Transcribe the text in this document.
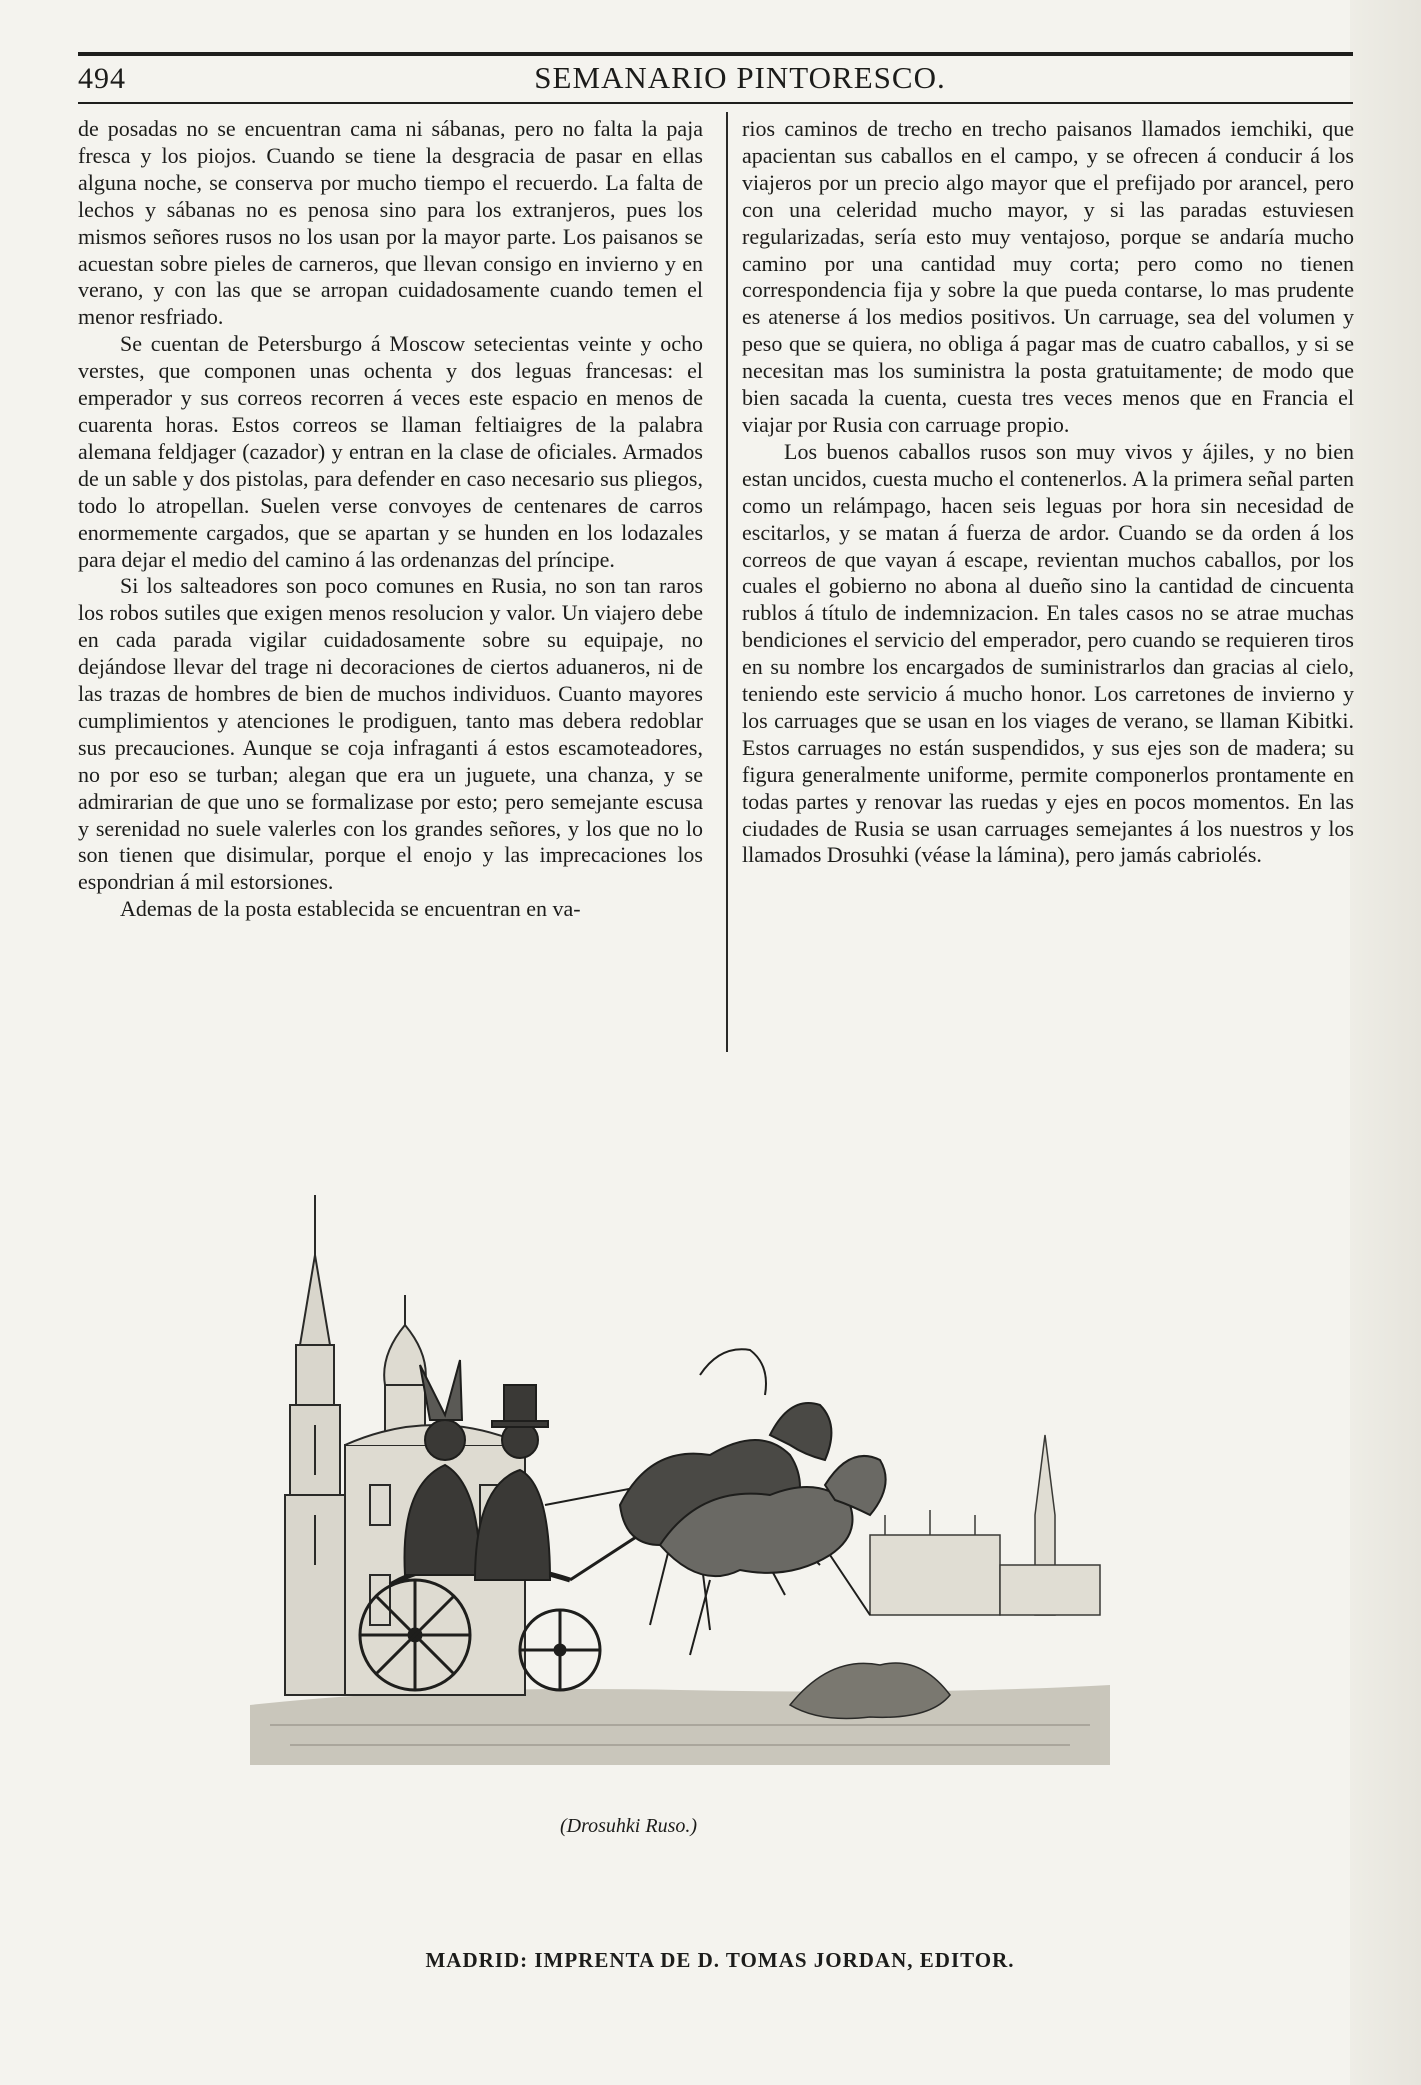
494	SEMANARIO PINTORESCO.

de posadas no se encuentran cama ni sábanas, pero no falta la paja fresca y los piojos. Cuando se tiene la desgracia de pasar en ellas alguna noche, se conserva por mucho tiempo el recuerdo. La falta de lechos y sábanas no es penosa sino para los extranjeros, pues los mismos señores rusos no los usan por la mayor parte. Los paisanos se acuestan sobre pieles de carneros, que llevan consigo en invierno y en verano, y con las que se arropan cuidadosamente cuando temen el menor resfriado.

Se cuentan de Petersburgo á Moscow setecientas veinte y ocho verstes, que componen unas ochenta y dos leguas francesas: el emperador y sus correos recorren á veces este espacio en menos de cuarenta horas. Estos correos se llaman feltiaigres de la palabra alemana feldjager (cazador) y entran en la clase de oficiales. Armados de un sable y dos pistolas, para defender en caso necesario sus pliegos, todo lo atropellan. Suelen verse convoyes de centenares de carros enormemente cargados, que se apartan y se hunden en los lodazales para dejar el medio del camino á las ordenanzas del príncipe.

Si los salteadores son poco comunes en Rusia, no son tan raros los robos sutiles que exigen menos resolucion y valor. Un viajero debe en cada parada vigilar cuidadosamente sobre su equipaje, no dejándose llevar del trage ni decoraciones de ciertos aduaneros, ni de las trazas de hombres de bien de muchos individuos. Cuanto mayores cumplimientos y atenciones le prodiguen, tanto mas debera redoblar sus precauciones. Aunque se coja infraganti á estos escamoteadores, no por eso se turban; alegan que era un juguete, una chanza, y se admirarian de que uno se formalizase por esto; pero semejante escusa y serenidad no suele valerles con los grandes señores, y los que no lo son tienen que disimular, porque el enojo y las imprecaciones los espondrian á mil estorsiones.

Ademas de la posta establecida se encuentran en va-

rios caminos de trecho en trecho paisanos llamados iemchiki, que apacientan sus caballos en el campo, y se ofrecen á conducir á los viajeros por un precio algo mayor que el prefijado por arancel, pero con una celeridad mucho mayor, y si las paradas estuviesen regularizadas, sería esto muy ventajoso, porque se andaría mucho camino por una cantidad muy corta; pero como no tienen correspondencia fija y sobre la que pueda contarse, lo mas prudente es atenerse á los medios positivos. Un carruage, sea del volumen y peso que se quiera, no obliga á pagar mas de cuatro caballos, y si se necesitan mas los suministra la posta gratuitamente; de modo que bien sacada la cuenta, cuesta tres veces menos que en Francia el viajar por Rusia con carruage propio.

Los buenos caballos rusos son muy vivos y ájiles, y no bien estan uncidos, cuesta mucho el contenerlos. A la primera señal parten como un relámpago, hacen seis leguas por hora sin necesidad de escitarlos, y se matan á fuerza de ardor. Cuando se da orden á los correos de que vayan á escape, revientan muchos caballos, por los cuales el gobierno no abona al dueño sino la cantidad de cincuenta rublos á título de indemnizacion. En tales casos no se atrae muchas bendiciones el servicio del emperador, pero cuando se requieren tiros en su nombre los encargados de suministrarlos dan gracias al cielo, teniendo este servicio á mucho honor. Los carretones de invierno y los carruages que se usan en los viages de verano, se llaman Kibitki. Estos carruages no están suspendidos, y sus ejes son de madera; su figura generalmente uniforme, permite componerlos prontamente en todas partes y renovar las ruedas y ejes en pocos momentos. En las ciudades de Rusia se usan carruages semejantes á los nuestros y los llamados Drosuhki (véase la lámina), pero jamás cabriolés.

(Drosuhki Ruso.)
MADRID: IMPRENTA DE D. TOMAS JORDAN, EDITOR.
